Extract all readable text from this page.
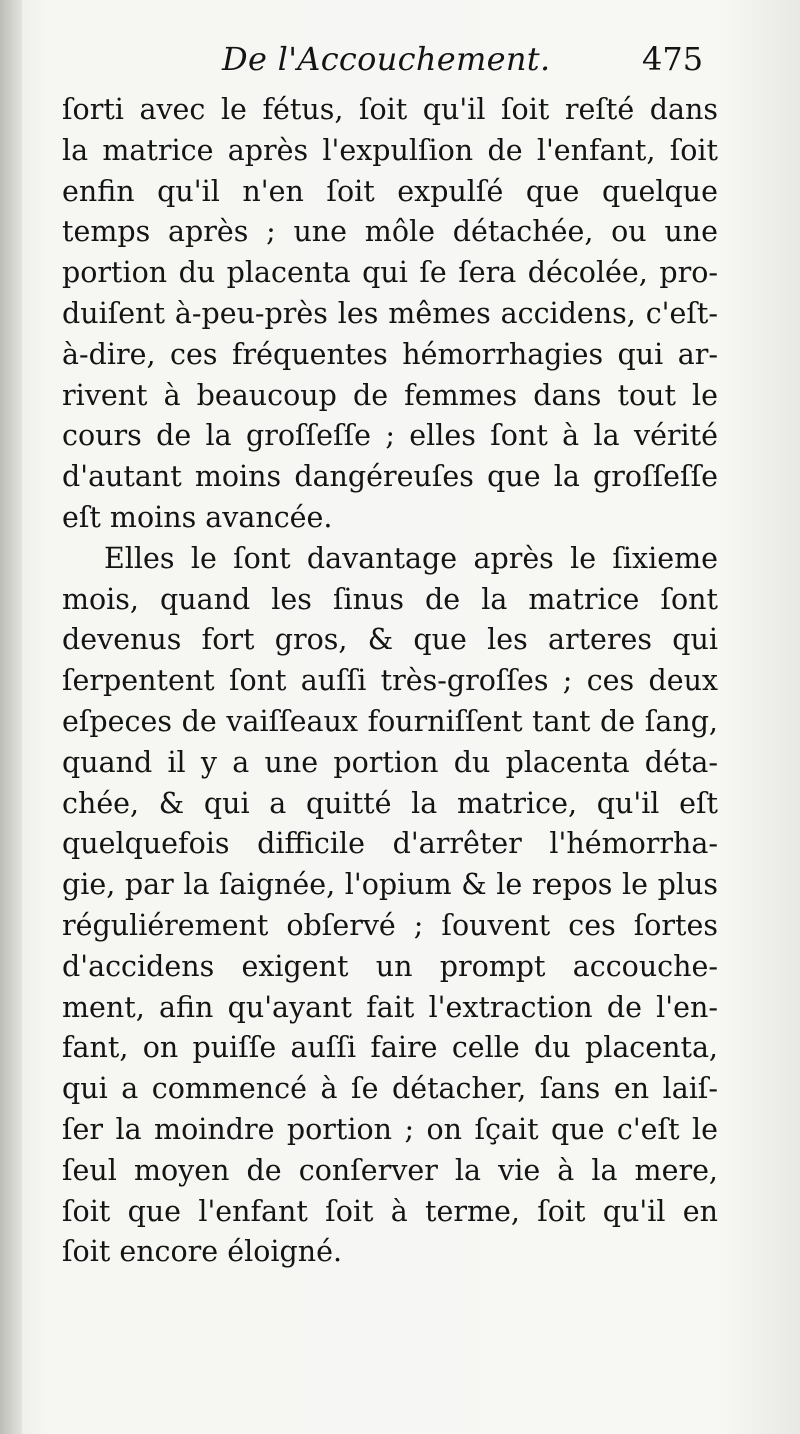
De l'Accouchement.	475
ſorti avec le fétus, ſoit qu'il ſoit reſté dans
la matrice après l'expulſion de l'enfant, ſoit
enfin qu'il n'en ſoit expulſé que quelque
temps après ; une môle détachée, ou une
portion du placenta qui ſe ſera décolée, pro-
duiſent à-peu-près les mêmes accidens, c'eſt-
à-dire, ces fréquentes hémorrhagies qui ar-
rivent à beaucoup de femmes dans tout le
cours de la groſſeſſe ; elles ſont à la vérité
d'autant moins dangéreuſes que la groſſeſſe
eſt moins avancée.
Elles le ſont davantage après le ſixieme
mois, quand les ſinus de la matrice ſont
devenus fort gros, & que les arteres qui
ſerpentent ſont auſſi très-groſſes ; ces deux
eſpeces de vaiſſeaux fourniſſent tant de ſang,
quand il y a une portion du placenta déta-
chée, & qui a quitté la matrice, qu'il eſt
quelquefois difficile d'arrêter l'hémorrha-
gie, par la ſaignée, l'opium & le repos le plus
réguliérement obſervé ; ſouvent ces ſortes
d'accidens exigent un prompt accouche-
ment, afin qu'ayant fait l'extraction de l'en-
fant, on puiſſe auſſi faire celle du placenta,
qui a commencé à ſe détacher, ſans en laiſ-
ſer la moindre portion ; on ſçait que c'eſt le
ſeul moyen de conſerver la vie à la mere,
ſoit que l'enfant ſoit à terme, ſoit qu'il en
ſoit encore éloigné.
